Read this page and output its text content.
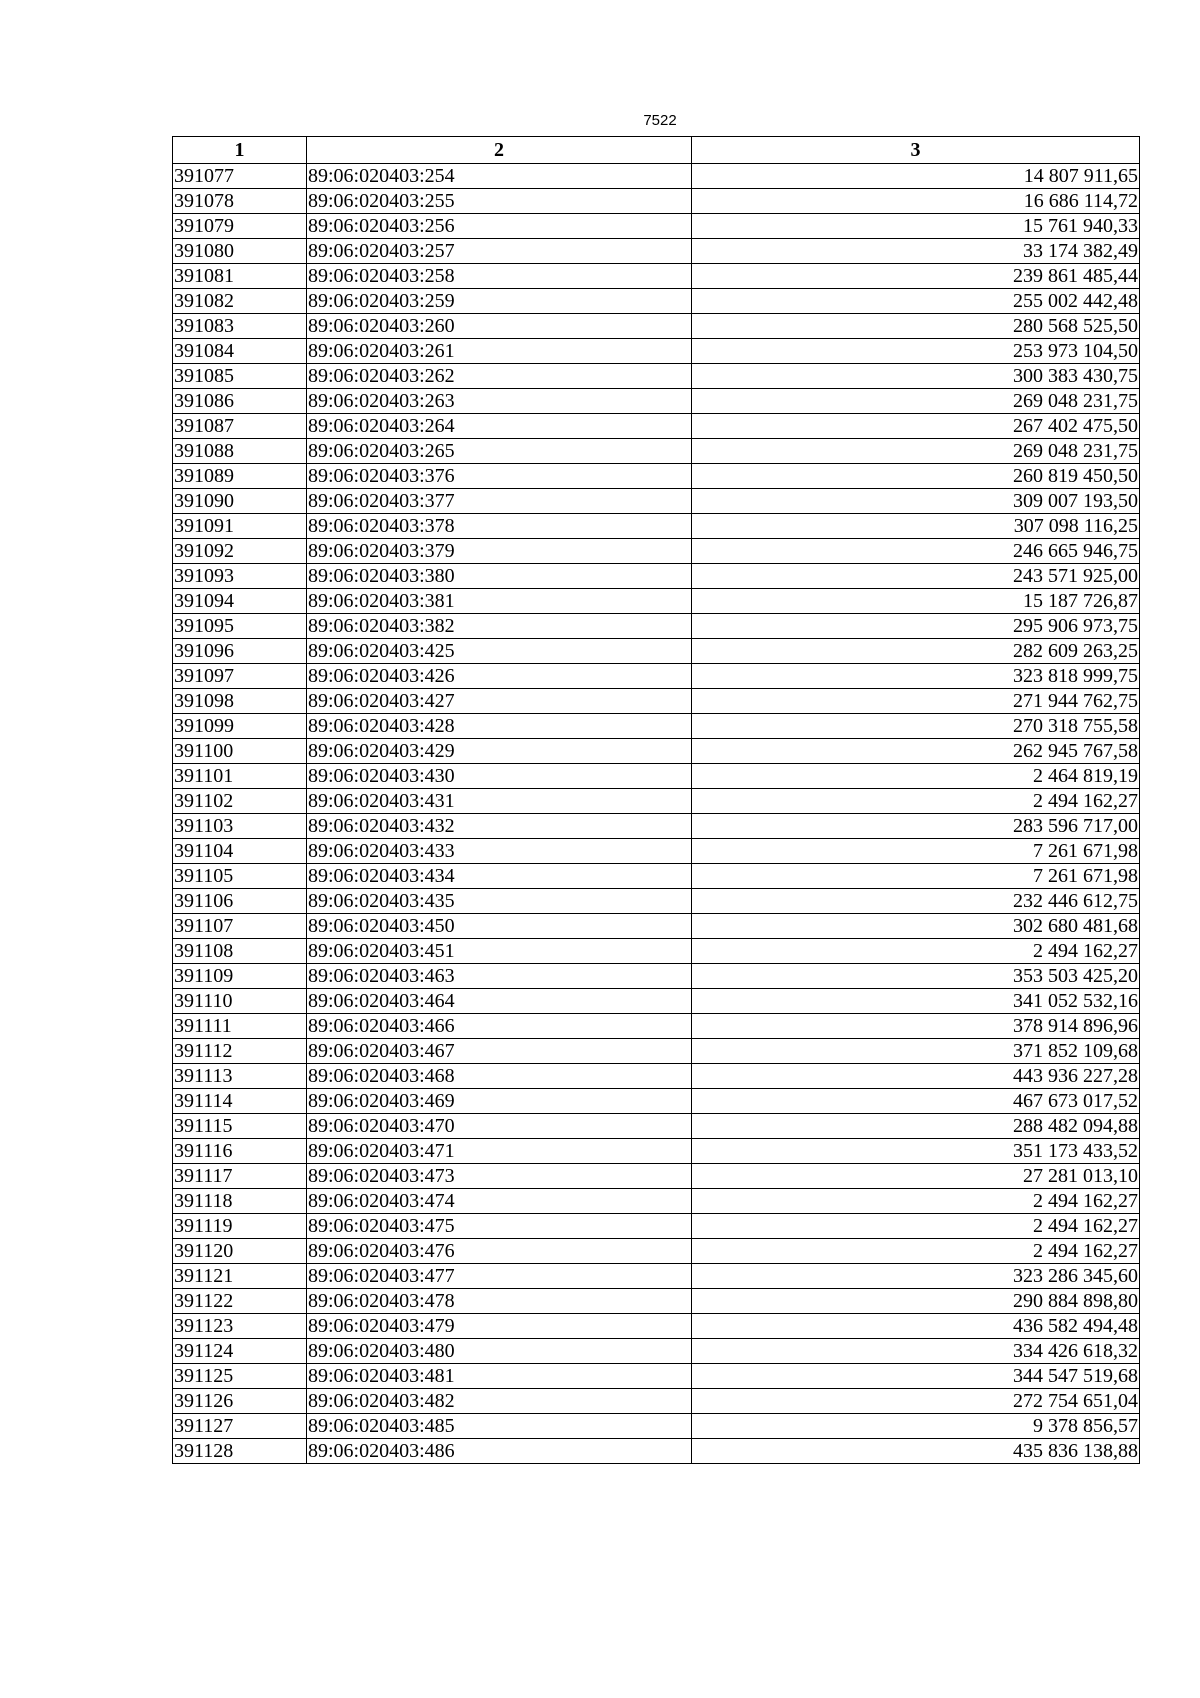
7522
1	2	3
391077	89:06:020403:254	14 807 911,65
391078	89:06:020403:255	16 686 114,72
391079	89:06:020403:256	15 761 940,33
391080	89:06:020403:257	33 174 382,49
391081	89:06:020403:258	239 861 485,44
391082	89:06:020403:259	255 002 442,48
391083	89:06:020403:260	280 568 525,50
391084	89:06:020403:261	253 973 104,50
391085	89:06:020403:262	300 383 430,75
391086	89:06:020403:263	269 048 231,75
391087	89:06:020403:264	267 402 475,50
391088	89:06:020403:265	269 048 231,75
391089	89:06:020403:376	260 819 450,50
391090	89:06:020403:377	309 007 193,50
391091	89:06:020403:378	307 098 116,25
391092	89:06:020403:379	246 665 946,75
391093	89:06:020403:380	243 571 925,00
391094	89:06:020403:381	15 187 726,87
391095	89:06:020403:382	295 906 973,75
391096	89:06:020403:425	282 609 263,25
391097	89:06:020403:426	323 818 999,75
391098	89:06:020403:427	271 944 762,75
391099	89:06:020403:428	270 318 755,58
391100	89:06:020403:429	262 945 767,58
391101	89:06:020403:430	2 464 819,19
391102	89:06:020403:431	2 494 162,27
391103	89:06:020403:432	283 596 717,00
391104	89:06:020403:433	7 261 671,98
391105	89:06:020403:434	7 261 671,98
391106	89:06:020403:435	232 446 612,75
391107	89:06:020403:450	302 680 481,68
391108	89:06:020403:451	2 494 162,27
391109	89:06:020403:463	353 503 425,20
391110	89:06:020403:464	341 052 532,16
391111	89:06:020403:466	378 914 896,96
391112	89:06:020403:467	371 852 109,68
391113	89:06:020403:468	443 936 227,28
391114	89:06:020403:469	467 673 017,52
391115	89:06:020403:470	288 482 094,88
391116	89:06:020403:471	351 173 433,52
391117	89:06:020403:473	27 281 013,10
391118	89:06:020403:474	2 494 162,27
391119	89:06:020403:475	2 494 162,27
391120	89:06:020403:476	2 494 162,27
391121	89:06:020403:477	323 286 345,60
391122	89:06:020403:478	290 884 898,80
391123	89:06:020403:479	436 582 494,48
391124	89:06:020403:480	334 426 618,32
391125	89:06:020403:481	344 547 519,68
391126	89:06:020403:482	272 754 651,04
391127	89:06:020403:485	9 378 856,57
391128	89:06:020403:486	435 836 138,88
